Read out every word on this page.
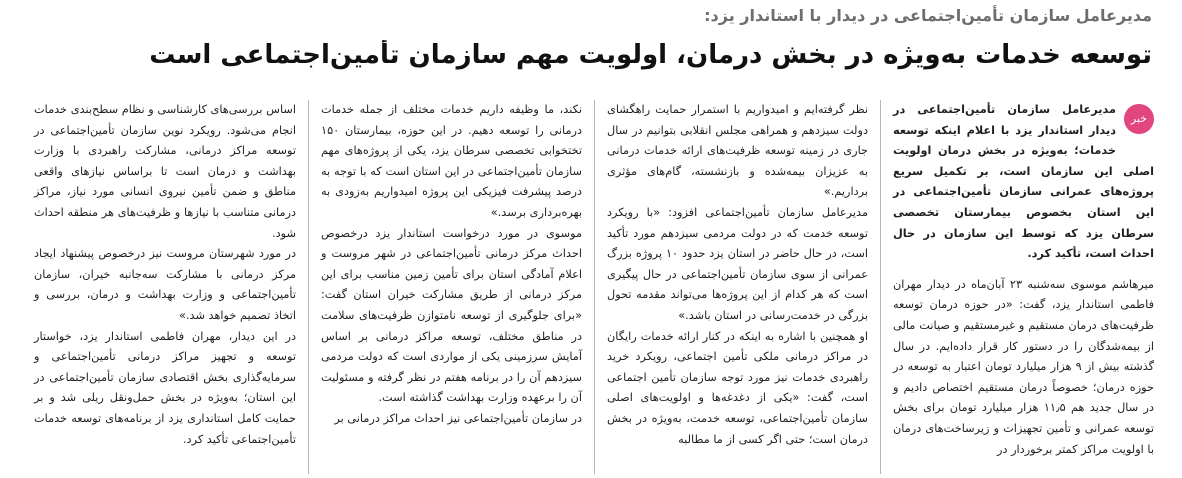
مدیرعامل سازمان تأمین‌اجتماعی در دیدار با استاندار یزد:
توسعه خدمات به‌ویژه در بخش درمان، اولویت مهم سازمان تأمین‌اجتماعی است
خبر

مدیرعامل سازمان تأمین‌اجتماعی در دیدار استاندار یزد با اعلام اینکه توسعه خدمات؛ به‌ویژه در بخش درمان اولویت اصلی این سازمان است، بر تکمیل سریع پروژه‌های عمرانی سازمان تأمین‌اجتماعی در این استان بخصوص بیمارستان تخصصی سرطان یزد که توسط این سازمان در حال احداث است، تأکید کرد.

میرهاشم موسوی سه‌شنبه ۲۳ آبان‌ماه در دیدار مهران فاطمی استاندار یزد، گفت: «در حوزه درمان توسعه ظرفیت‌های درمان مستقیم و غیرمستقیم و صیانت مالی از بیمه‌شدگان را در دستور کار قرار داده‌ایم. در سال گذشته بیش از ۹ هزار میلیارد تومان اعتبار به توسعه در حوزه درمان؛ خصوصاً درمان مستقیم اختصاص دادیم و در سال جدید هم ۱۱٫۵ هزار میلیارد تومان برای بخش توسعه عمرانی و تأمین تجهیزات و زیرساخت‌های درمان با اولویت مراکز کمتر برخوردار در

نظر گرفته‌ایم و امیدواریم با استمرار حمایت راهگشای دولت سیزدهم و همراهی مجلس انقلابی بتوانیم در سال جاری در زمینه توسعه ظرفیت‌های ارائه خدمات درمانی به عزیزان بیمه‌شده و بازنشسته، گام‌های مؤثری برداریم.»

مدیرعامل سازمان تأمین‌اجتماعی افزود: «با رویکرد توسعه خدمت که در دولت مردمی سیزدهم مورد تأکید است، در حال حاضر در استان یزد حدود ۱۰ پروژه بزرگ عمرانی از سوی سازمان تأمین‌اجتماعی در حال پیگیری است که هر کدام از این پروژه‌ها می‌تواند مقدمه تحول بزرگی در خدمت‌رسانی در استان باشد.»

او همچنین با اشاره به اینکه در کنار ارائه خدمات رایگان در مراکز درمانی ملکی تأمین اجتماعی، رویکرد خرید راهبردی خدمات نیز مورد توجه سازمان تأمین اجتماعی است، گفت: «یکی از دغدغه‌ها و اولویت‌های اصلی سازمان تأمین‌اجتماعی، توسعه خدمت، به‌ویژه در بخش درمان است؛ حتی اگر کسی از ما مطالبه

نکند، ما وظیفه داریم خدمات مختلف از جمله خدمات درمانی را توسعه دهیم. در این حوزه، بیمارستان ۱۵۰ تختخوابی تخصصی سرطان یزد، یکی از پروژه‌های مهم سازمان تأمین‌اجتماعی در این استان است که با توجه به درصد پیشرفت فیزیکی این پروژه امیدواریم به‌زودی به بهره‌برداری برسد.»

موسوی در مورد درخواست استاندار یزد درخصوص احداث مرکز درمانی تأمین‌اجتماعی در شهر مروست و اعلام آمادگی استان برای تأمین زمین مناسب برای این مرکز درمانی از طریق مشارکت خیران استان گفت: «برای جلوگیری از توسعه نامتوازن ظرفیت‌های سلامت در مناطق مختلف، توسعه مراکز درمانی بر اساس آمایش سرزمینی یکی از مواردی است که دولت مردمی سیزدهم آن را در برنامه هفتم در نظر گرفته و مسئولیت آن را برعهده وزارت بهداشت گذاشته است.

در سازمان تأمین‌اجتماعی نیز احداث مراکز درمانی بر

اساس بررسی‌های کارشناسی و نظام سطح‌بندی خدمات انجام می‌شود. رویکرد نوین سازمان تأمین‌اجتماعی در توسعه مراکز درمانی، مشارکت راهبردی با وزارت بهداشت و درمان است تا براساس نیازهای واقعی مناطق و ضمن تأمین نیروی انسانی مورد نیاز، مراکز درمانی متناسب با نیازها و ظرفیت‌های هر منطقه احداث شود.

در مورد شهرستان مروست نیز درخصوص پیشنهاد ایجاد مرکز درمانی با مشارکت سه‌جانبه خیران، سازمان تأمین‌اجتماعی و وزارت بهداشت و درمان، بررسی و اتخاذ تصمیم خواهد شد.»

در این دیدار، مهران فاطمی استاندار یزد، خواستار توسعه و تجهیز مراکز درمانی تأمین‌اجتماعی و سرمایه‌گذاری بخش اقتصادی سازمان تأمین‌اجتماعی در این استان؛ به‌ویژه در بخش حمل‌ونقل ریلی شد و بر حمایت کامل استانداری یزد از برنامه‌های توسعه خدمات تأمین‌اجتماعی تأکید کرد.
